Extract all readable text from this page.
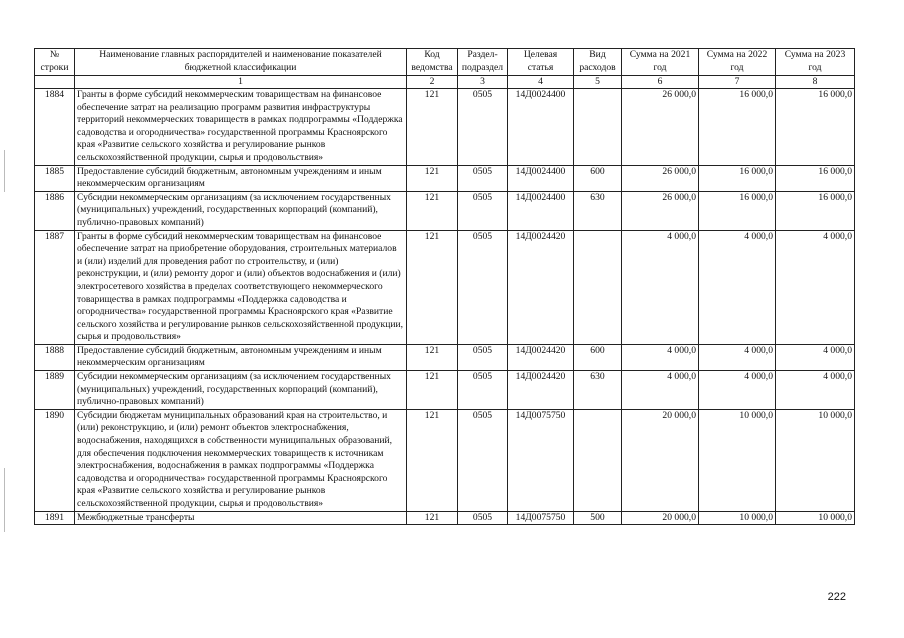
№ строки	Наименование главных распорядителей и наименование показателей бюджетной классификации	Код ведомства	Раздел-подраздел	Целевая статья	Вид расходов	Сумма на 2021 год	Сумма на 2022 год	Сумма на 2023 год
	1	2	3	4	5	6	7	8
1884	Гранты в форме субсидий некоммерческим товариществам на финансовое обеспечение затрат на реализацию программ развития инфраструктуры территорий некоммерческих товариществ в рамках подпрограммы «Поддержка садоводства и огородничества» государственной программы Красноярского края «Развитие сельского хозяйства и регулирование рынков сельскохозяйственной продукции, сырья и продовольствия»	121	0505	14Д0024400		26 000,0	16 000,0	16 000,0
1885	Предоставление субсидий бюджетным, автономным учреждениям и иным некоммерческим организациям	121	0505	14Д0024400	600	26 000,0	16 000,0	16 000,0
1886	Субсидии некоммерческим организациям (за исключением государственных (муниципальных) учреждений, государственных корпораций (компаний), публично-правовых компаний)	121	0505	14Д0024400	630	26 000,0	16 000,0	16 000,0
1887	Гранты в форме субсидий некоммерческим товариществам на финансовое обеспечение затрат на приобретение оборудования, строительных материалов и (или) изделий для проведения работ по строительству, и (или) реконструкции, и (или) ремонту дорог и (или) объектов водоснабжения и (или) электросетевого хозяйства в пределах соответствующего некоммерческого товарищества в рамках подпрограммы «Поддержка садоводства и огородничества» государственной программы Красноярского края «Развитие сельского хозяйства и регулирование рынков сельскохозяйственной продукции, сырья и продовольствия»	121	0505	14Д0024420		4 000,0	4 000,0	4 000,0
1888	Предоставление субсидий бюджетным, автономным учреждениям и иным некоммерческим организациям	121	0505	14Д0024420	600	4 000,0	4 000,0	4 000,0
1889	Субсидии некоммерческим организациям (за исключением государственных (муниципальных) учреждений, государственных корпораций (компаний), публично-правовых компаний)	121	0505	14Д0024420	630	4 000,0	4 000,0	4 000,0
1890	Субсидии бюджетам муниципальных образований края на строительство, и (или) реконструкцию, и (или) ремонт объектов электроснабжения, водоснабжения, находящихся в собственности муниципальных образований, для обеспечения подключения некоммерческих товариществ к источникам электроснабжения, водоснабжения в рамках подпрограммы «Поддержка садоводства и огородничества» государственной программы Красноярского края «Развитие сельского хозяйства и регулирование рынков сельскохозяйственной продукции, сырья и продовольствия»	121	0505	14Д0075750		20 000,0	10 000,0	10 000,0
1891	Межбюджетные трансферты	121	0505	14Д0075750	500	20 000,0	10 000,0	10 000,0
222
